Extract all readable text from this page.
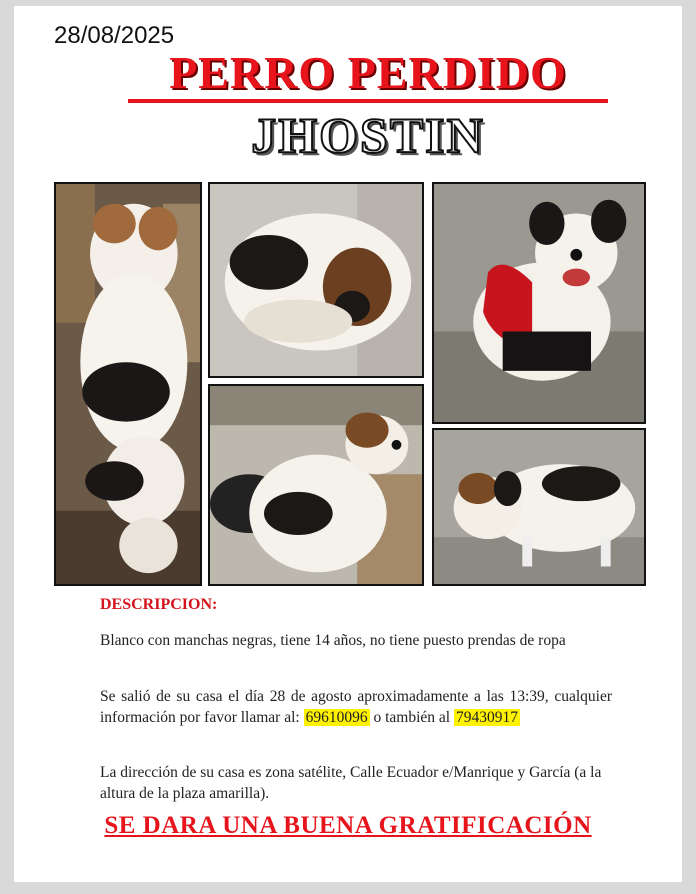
28/08/2025
PERRO PERDIDO
JHOSTIN
DESCRIPCION:
Blanco con manchas negras, tiene 14 años, no tiene puesto prendas de ropa
Se salió de su casa el día 28 de agosto aproximadamente a las 13:39, cualquier información por favor llamar al: 69610096 o también al 79430917
La dirección de su casa es zona satélite, Calle Ecuador e/Manrique y García (a la altura de la plaza amarilla).
SE DARA UNA BUENA GRATIFICACIÓN
